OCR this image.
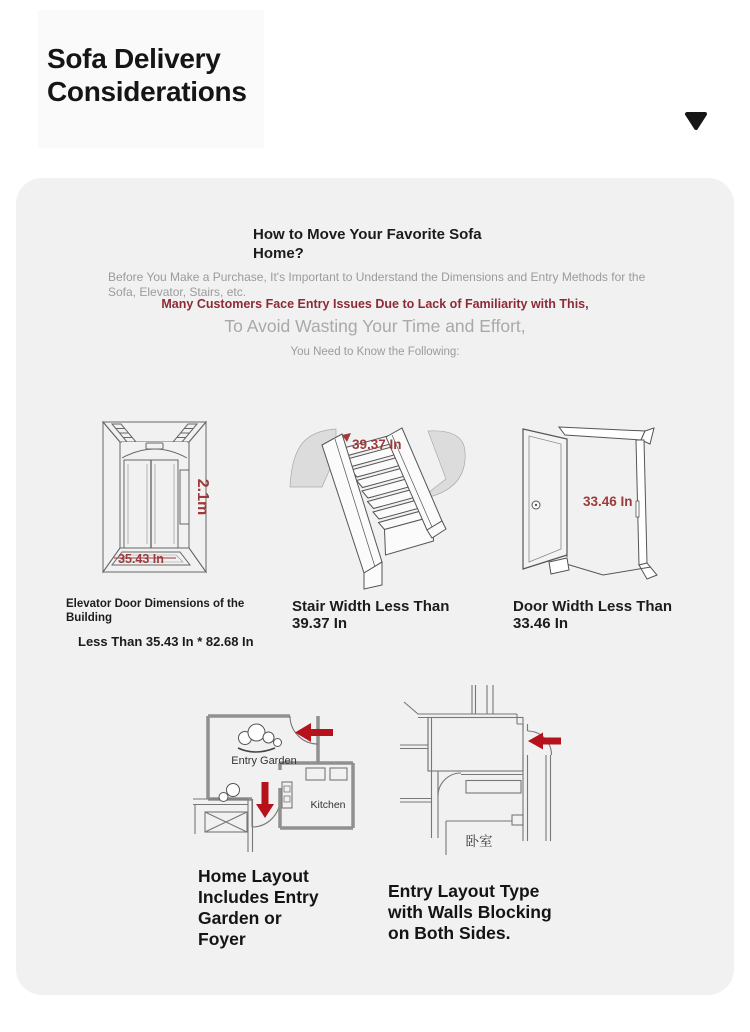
Sofa Delivery
Considerations
How to Move Your Favorite Sofa
Home?

Before You Make a Purchase, It's Important to Understand the Dimensions and Entry Methods for the Sofa, Elevator, Stairs, etc.

Many Customers Face Entry Issues Due to Lack of Familiarity with This,

To Avoid Wasting Your Time and Effort,

You Need to Know the Following:

35.43 In
2.1m
39.37 In
33.46 In
Elevator Door Dimensions of the
Building
Stair Width Less Than
39.37 In
Door Width Less Than
33.46 In
Less Than 35.43 In * 82.68 In
Entry Garden
Kitchen
卧室
Home Layout
Includes Entry
Garden or
Foyer
Entry Layout Type
with Walls Blocking
on Both Sides.
